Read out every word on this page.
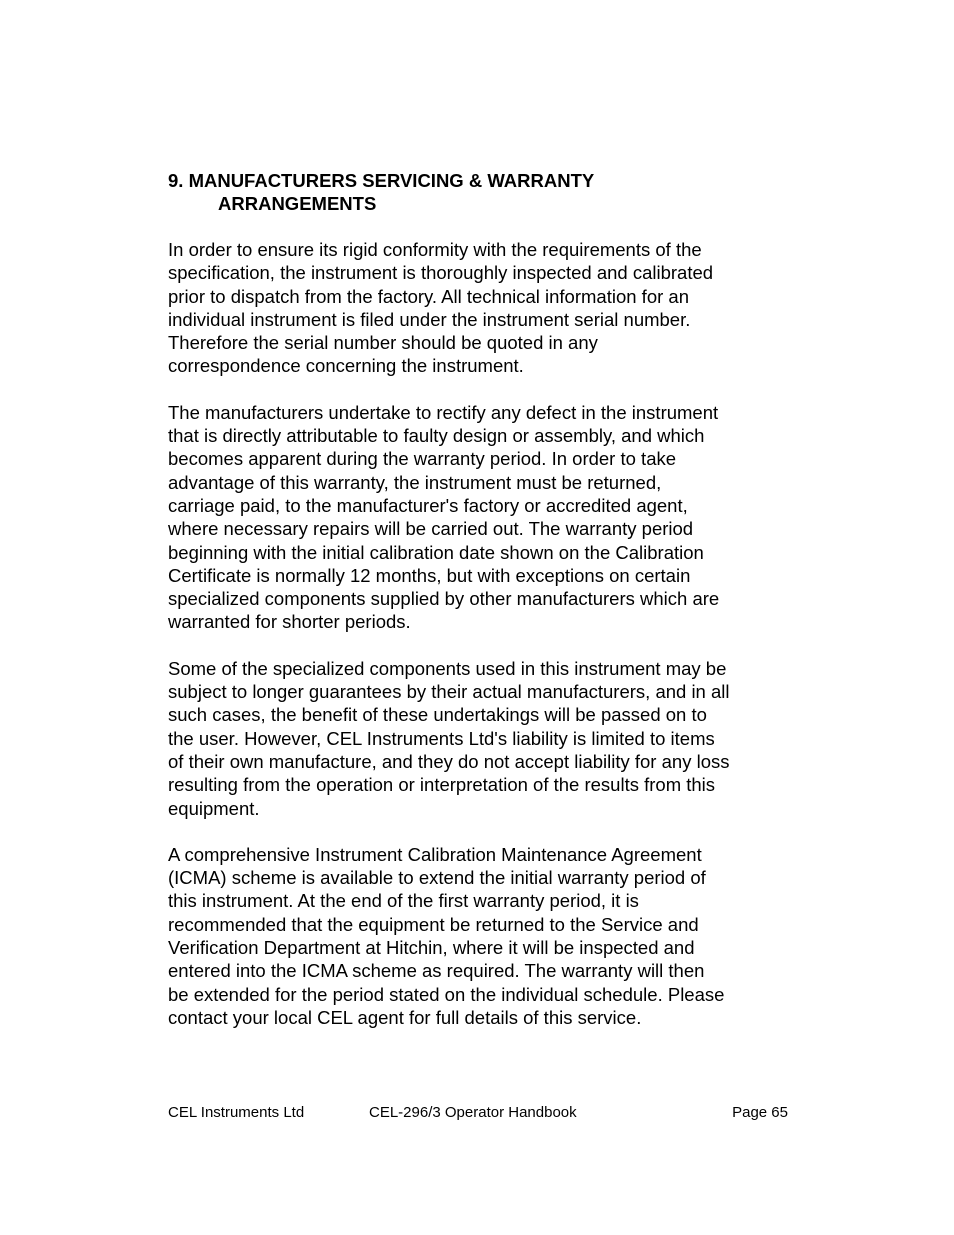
9. MANUFACTURERS SERVICING & WARRANTY
ARRANGEMENTS

In order to ensure its rigid conformity with the requirements of the
specification, the instrument is thoroughly inspected and calibrated
prior to dispatch from the factory. All technical information for an
individual instrument is filed under the instrument serial number.
Therefore the serial number should be quoted in any
correspondence concerning the instrument.

The manufacturers undertake to rectify any defect in the instrument
that is directly attributable to faulty design or assembly, and which
becomes apparent during the warranty period. In order to take
advantage of this warranty, the instrument must be returned,
carriage paid, to the manufacturer's factory or accredited agent,
where necessary repairs will be carried out. The warranty period
beginning with the initial calibration date shown on the Calibration
Certificate is normally 12 months, but with exceptions on certain
specialized components supplied by other manufacturers which are
warranted for shorter periods.

Some of the specialized components used in this instrument may be
subject to longer guarantees by their actual manufacturers, and in all
such cases, the benefit of these undertakings will be passed on to
the user. However, CEL Instruments Ltd's liability is limited to items
of their own manufacture, and they do not accept liability for any loss
resulting from the operation or interpretation of the results from this
equipment.

A comprehensive Instrument Calibration Maintenance Agreement
(ICMA) scheme is available to extend the initial warranty period of
this instrument. At the end of the first warranty period, it is
recommended that the equipment be returned to the Service and
Verification Department at Hitchin, where it will be inspected and
entered into the ICMA scheme as required. The warranty will then
be extended for the period stated on the individual schedule. Please
contact your local CEL agent for full details of this service.

CEL Instruments Ltd	CEL-296/3 Operator Handbook	Page 65
